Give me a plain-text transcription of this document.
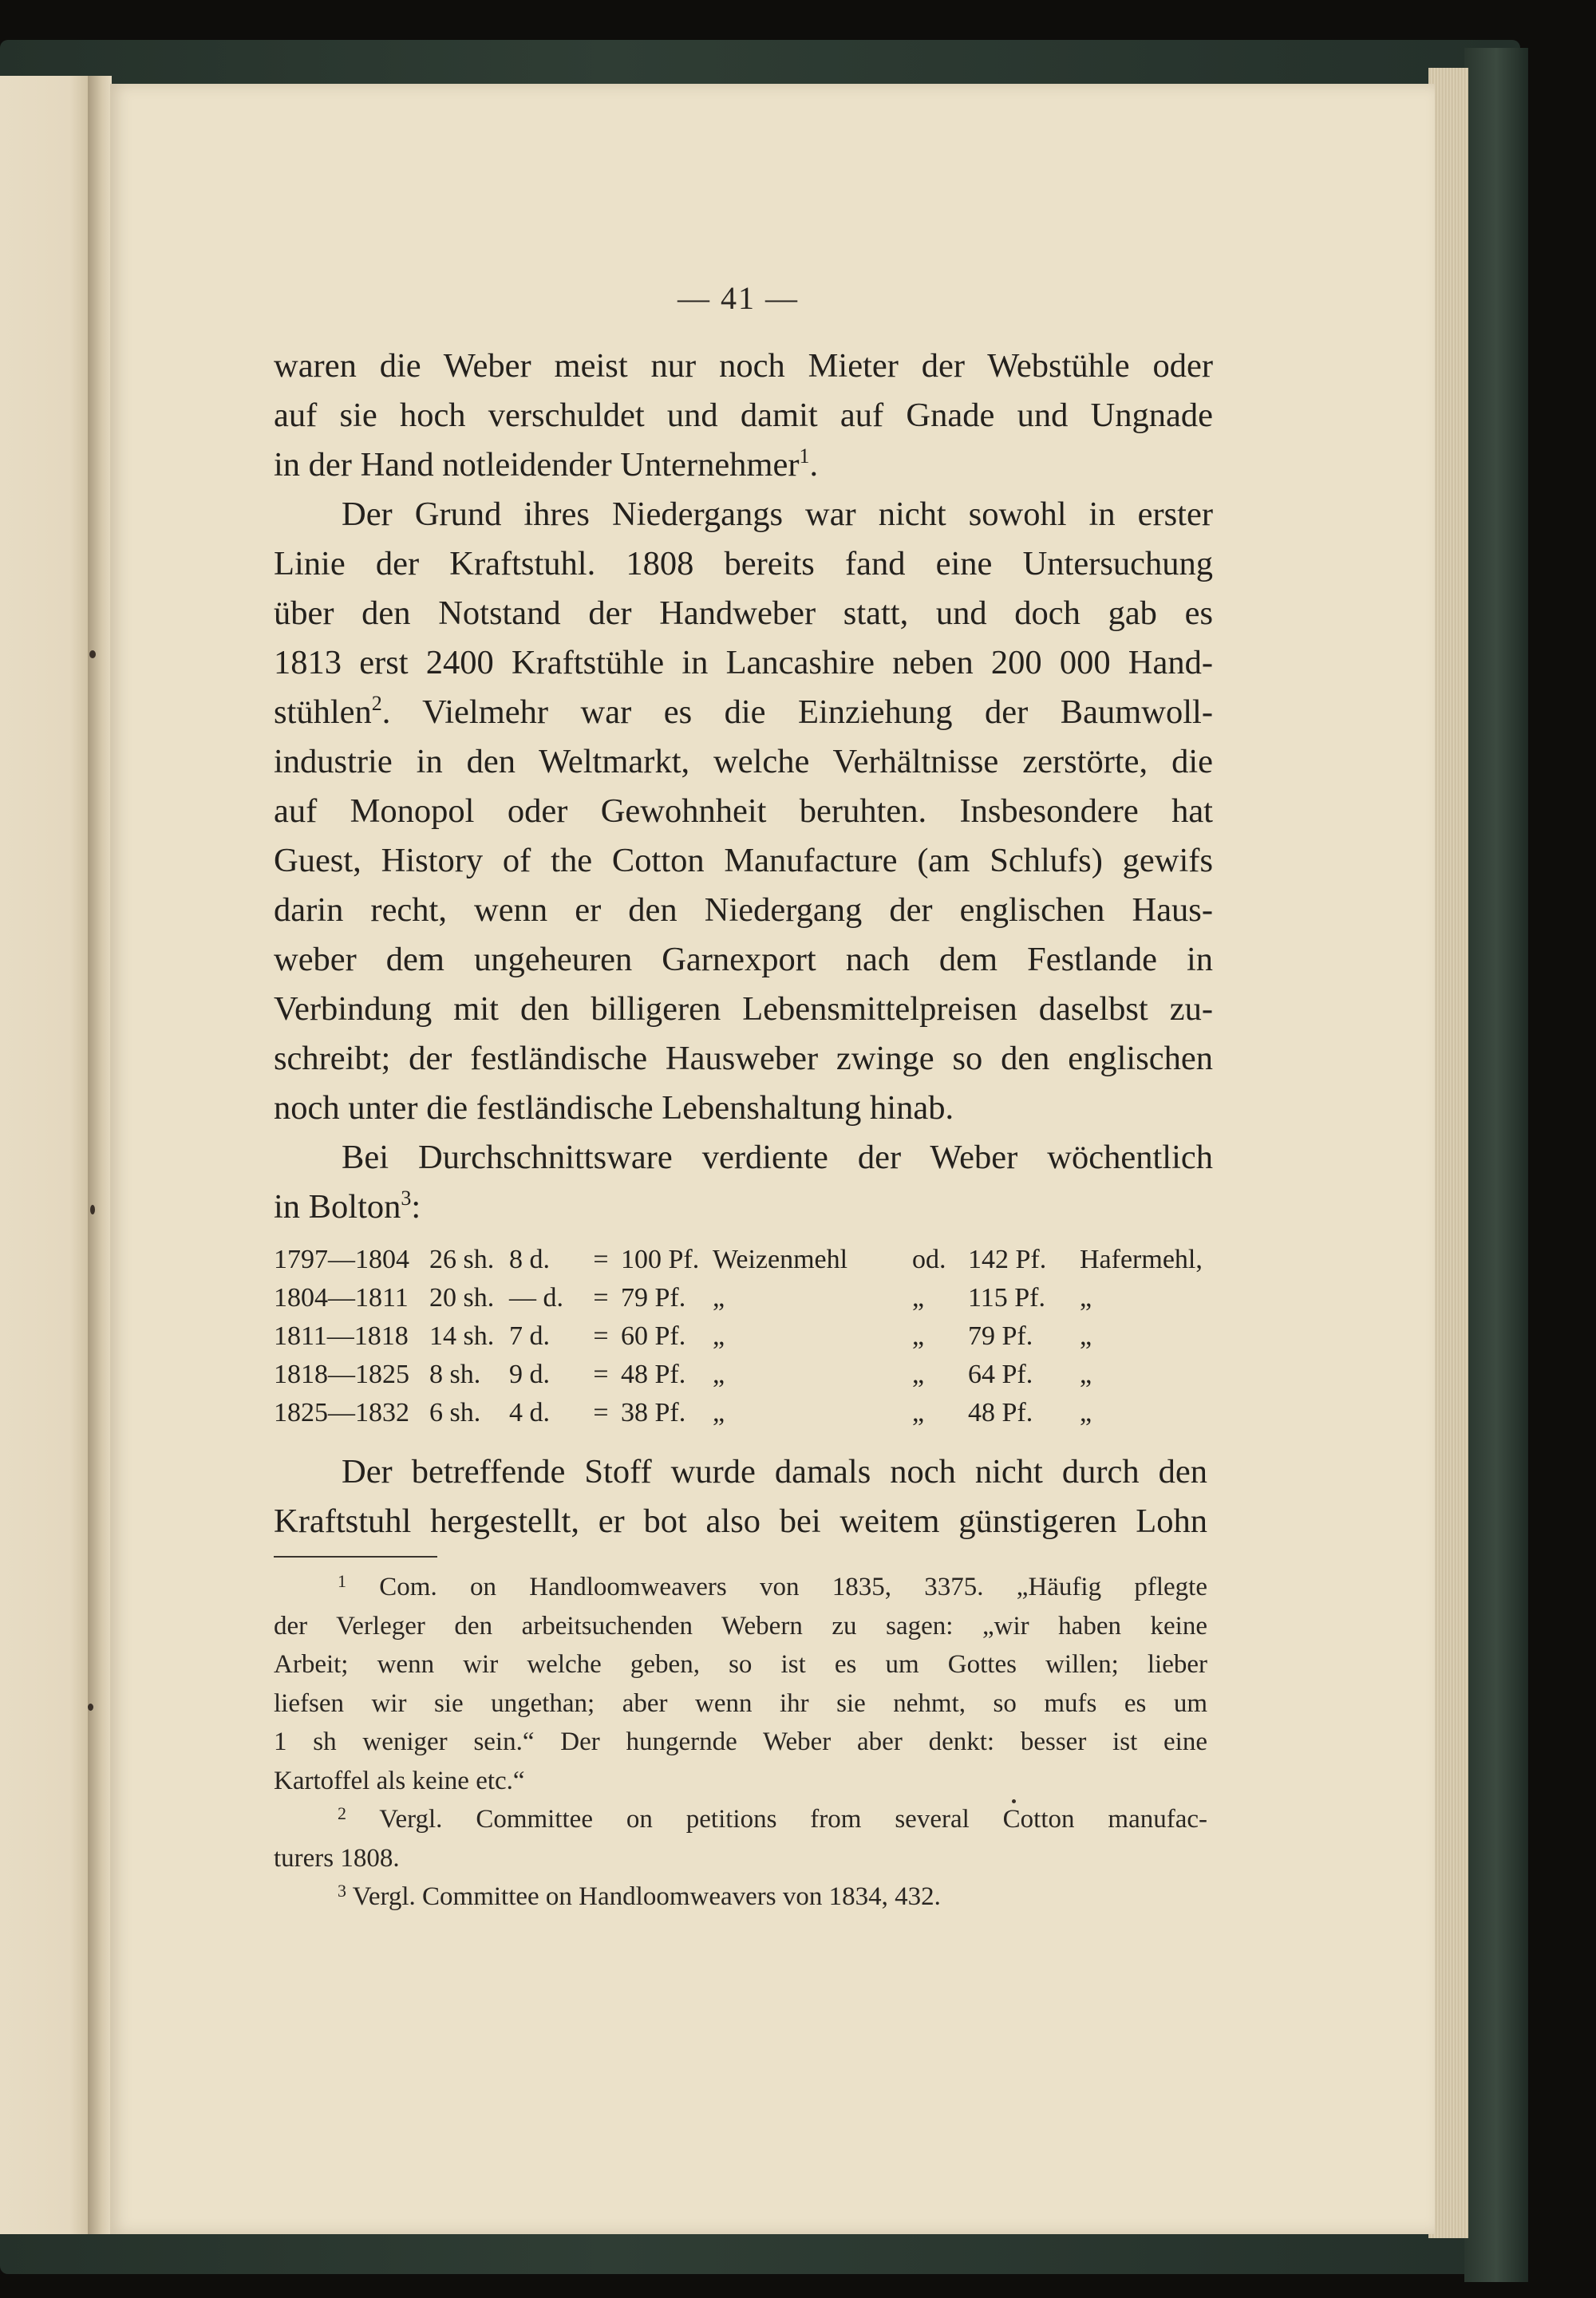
— 41 —

waren die Weber meist nur noch Mieter der Webstühle oder

auf sie hoch verschuldet und damit auf Gnade und Ungnade

in der Hand notleidender Unternehmer$^1$.

Der Grund ihres Niedergangs war nicht sowohl in erster

Linie der Kraftstuhl. 1808 bereits fand eine Untersuchung

über den Notstand der Handweber statt, und doch gab es

1813 erst 2400 Kraftstühle in Lancashire neben 200 000 Hand-

stühlen$^2$. Vielmehr war es die Einziehung der Baumwoll-

industrie in den Weltmarkt, welche Verhältnisse zerstörte, die

auf Monopol oder Gewohnheit beruhten. Insbesondere hat

Guest, History of the Cotton Manufacture (am Schlufs) gewifs

darin recht, wenn er den Niedergang der englischen Haus-

weber dem ungeheuren Garnexport nach dem Festlande in

Verbindung mit den billigeren Lebensmittelpreisen daselbst zu-

schreibt; der festländische Hausweber zwinge so den englischen

noch unter die festländische Lebenshaltung hinab.

Bei Durchschnittsware verdiente der Weber wöchentlich

in Bolton$^3$:

1797—1804	26 sh.	8 d.	=	100 Pf.	Weizenmehl	od.	142 Pf.	Hafermehl,
1804—1811	20 sh.	— d.	=	79 Pf.	„	„	115 Pf.	„
1811—1818	14 sh.	7 d.	=	60 Pf.	„	„	79 Pf.	„
1818—1825	8 sh.	9 d.	=	48 Pf.	„	„	64 Pf.	„
1825—1832	6 sh.	4 d.	=	38 Pf.	„	„	48 Pf.	„

Der betreffende Stoff wurde damals noch nicht durch den

Kraftstuhl hergestellt, er bot also bei weitem günstigeren Lohn

$^1$ Com. on Handloomweavers von 1835, 3375. „Häufig pflegte

der Verleger den arbeitsuchenden Webern zu sagen: „wir haben keine

Arbeit; wenn wir welche geben, so ist es um Gottes willen; lieber

liefsen wir sie ungethan; aber wenn ihr sie nehmt, so mufs es um

1 sh weniger sein.“ Der hungernde Weber aber denkt: besser ist eine

Kartoffel als keine etc.“

$^2$ Vergl. Committee on petitions from several Cotton manufac-

turers 1808.

$^3$ Vergl. Committee on Handloomweavers von 1834, 432.
